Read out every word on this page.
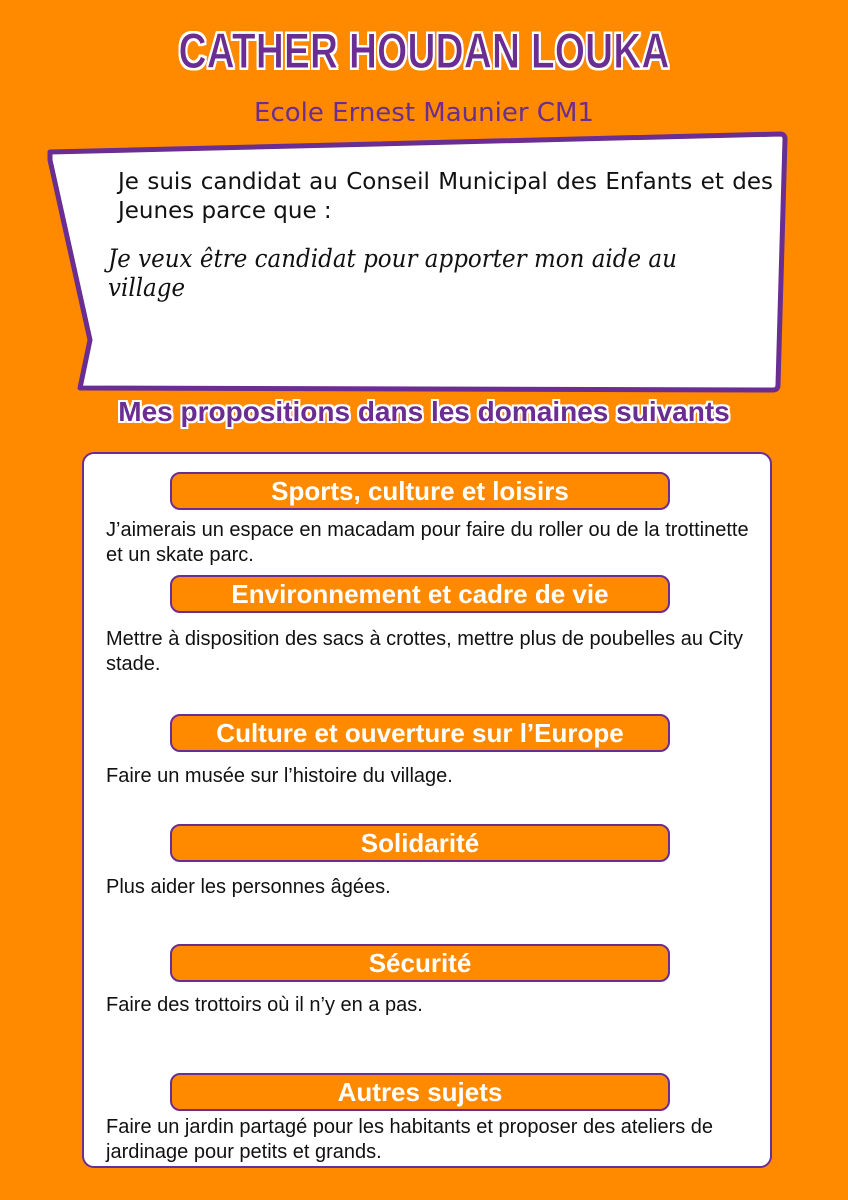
CATHER HOUDAN LOUKA
Ecole Ernest Maunier CM1
Je suis candidat au Conseil Municipal des Enfants et des Jeunes parce que :
Je veux être candidat pour apporter mon aide au village
Mes propositions dans les domaines suivants
Sports, culture et loisirs
J’aimerais un espace en macadam pour faire du roller ou de la trottinette et un skate parc.
Environnement et cadre de vie
Mettre à disposition des sacs à crottes, mettre plus de poubelles au City stade.
Culture et ouverture sur l’Europe
Faire un musée sur l’histoire du village.
Solidarité
Plus aider les personnes âgées.
Sécurité
Faire des trottoirs où il n’y en a pas.
Autres sujets
Faire un jardin partagé pour les habitants et proposer des ateliers de jardinage pour petits et grands.
